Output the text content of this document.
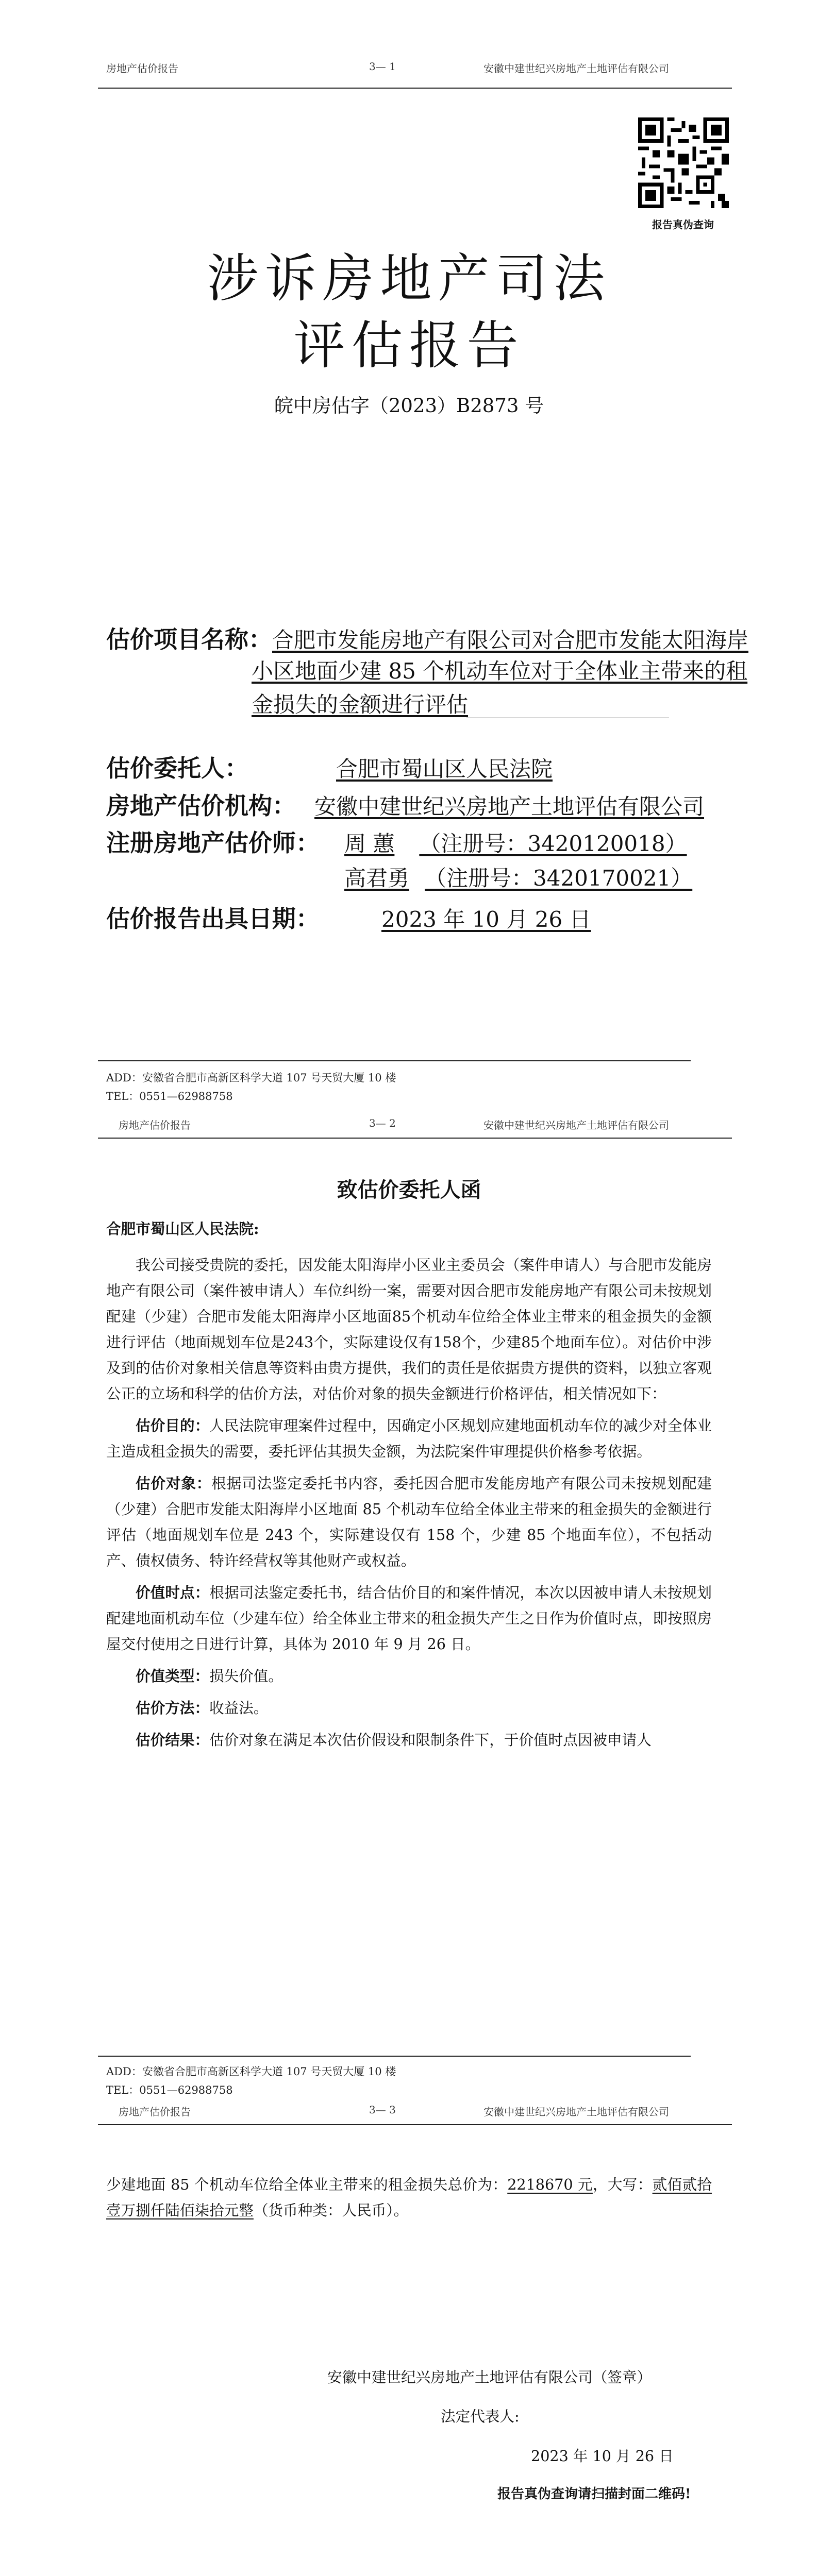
房地产估价报告	3— 1	安徽中建世纪兴房地产土地评估有限公司
报告真伪查询
涉诉房地产司法
评估报告
皖中房估字（2023）B2873 号
估价项目名称：合肥市发能房地产有限公司对合肥市发能太阳海岸
小区地面少建 85 个机动车位对于全体业主带来的租
金损失的金额进行评估
估价委托人：	合肥市蜀山区人民法院
房地产估价机构： 安徽中建世纪兴房地产土地评估有限公司
注册房地产估价师： 周 蕙 （注册号：3420120018）
高君勇 （注册号：3420170021）
估价报告出具日期：	2023 年 10 月 26 日
ADD：安徽省合肥市高新区科学大道 107 号天贸大厦 10 楼
TEL：0551—62988758
房地产估价报告	3— 2	安徽中建世纪兴房地产土地评估有限公司
致估价委托人函

合肥市蜀山区人民法院:

我公司接受贵院的委托，因发能太阳海岸小区业主委员会（案件申请人）与合肥市发能房地产有限公司（案件被申请人）车位纠纷一案，需要对因合肥市发能房地产有限公司未按规划配建（少建）合肥市发能太阳海岸小区地面85个机动车位给全体业主带来的租金损失的金额进行评估（地面规划车位是243个，实际建设仅有158个，少建85个地面车位）。对估价中涉及到的估价对象相关信息等资料由贵方提供，我们的责任是依据贵方提供的资料，以独立客观公正的立场和科学的估价方法，对估价对象的损失金额进行价格评估，相关情况如下：

估价目的：人民法院审理案件过程中，因确定小区规划应建地面机动车位的减少对全体业主造成租金损失的需要，委托评估其损失金额，为法院案件审理提供价格参考依据。

估价对象：根据司法鉴定委托书内容，委托因合肥市发能房地产有限公司未按规划配建（少建）合肥市发能太阳海岸小区地面 85 个机动车位给全体业主带来的租金损失的金额进行评估（地面规划车位是 243 个，实际建设仅有 158 个，少建 85 个地面车位），不包括动产、债权债务、特许经营权等其他财产或权益。

价值时点：根据司法鉴定委托书，结合估价目的和案件情况，本次以因被申请人未按规划配建地面机动车位（少建车位）给全体业主带来的租金损失产生之日作为价值时点，即按照房屋交付使用之日进行计算，具体为 2010 年 9 月 26 日。

价值类型：损失价值。

估价方法：收益法。

估价结果：估价对象在满足本次估价假设和限制条件下，于价值时点因被申请人

ADD：安徽省合肥市高新区科学大道 107 号天贸大厦 10 楼
TEL：0551—62988758
房地产估价报告	3— 3	安徽中建世纪兴房地产土地评估有限公司

少建地面 85 个机动车位给全体业主带来的租金损失总价为：2218670 元，大写：贰佰贰拾壹万捌仟陆佰柒拾元整（货币种类：人民币）。

安徽中建世纪兴房地产土地评估有限公司（签章）
法定代表人:
2023 年 10 月 26 日
报告真伪查询请扫描封面二维码!
